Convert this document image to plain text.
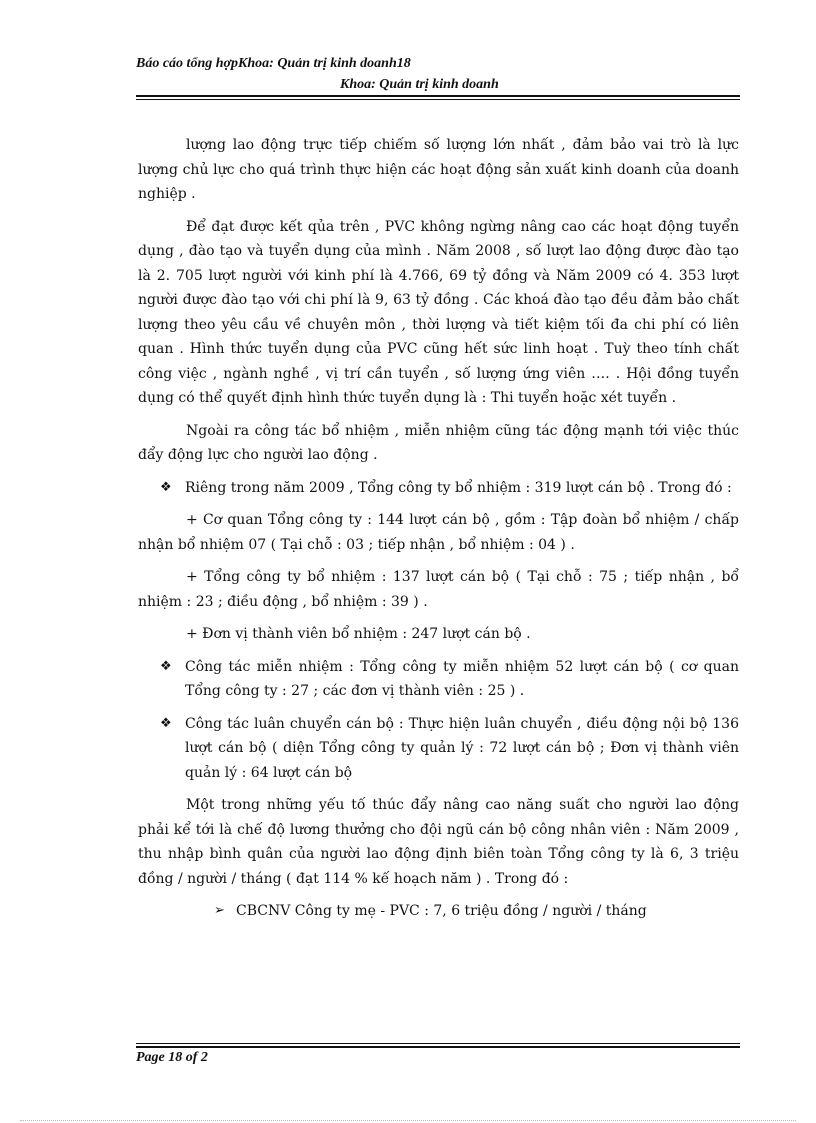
Báo cáo tổng hợpKhoa: Quản trị kinh doanh18
Khoa: Quản trị kinh doanh

lượng lao động trực tiếp chiếm số lượng lớn nhất , đảm bảo vai trò là lực lượng chủ lực cho quá trình thực hiện các hoạt động sản xuất kinh doanh của doanh nghiệp .

Để đạt được kết qủa trên , PVC không ngừng nâng cao các hoạt động tuyển dụng , đào tạo và tuyển dụng của mình . Năm 2008 , số lượt lao động được đào tạo là 2. 705 lượt người với kinh phí là 4.766, 69 tỷ đồng và Năm 2009 có 4. 353 lượt người được đào tạo với chi phí là 9, 63 tỷ đồng . Các khoá đào tạo đều đảm bảo chất lượng theo yêu cầu về chuyên môn , thời lượng và tiết kiệm tối đa chi phí có liên quan . Hình thức tuyển dụng của PVC cũng hết sức linh hoạt . Tuỳ theo tính chất công việc , ngành nghề , vị trí cần tuyển , số lượng ứng viên …. . Hội đồng tuyển dụng có thể quyết định hình thức tuyển dụng là : Thi tuyển hoặc xét tuyển .

Ngoài ra công tác bổ nhiệm , miễn nhiệm cũng tác động mạnh tới việc thúc đẩy động lực cho người lao động .

❖ Riêng trong năm 2009 , Tổng công ty bổ nhiệm : 319 lượt cán bộ . Trong đó :

+ Cơ quan Tổng công ty : 144 lượt cán bộ , gồm : Tập đoàn bổ nhiệm / chấp nhận bổ nhiệm 07 ( Tại chỗ : 03 ; tiếp nhận , bổ nhiệm : 04 ) .

+ Tổng công ty bổ nhiệm : 137 lượt cán bộ ( Tại chỗ : 75 ; tiếp nhận , bổ nhiệm : 23 ; điều động , bổ nhiệm : 39 ) .

+ Đơn vị thành viên bổ nhiệm : 247 lượt cán bộ .

❖ Công tác miễn nhiệm : Tổng công ty miễn nhiệm 52 lượt cán bộ ( cơ quan Tổng công ty : 27 ; các đơn vị thành viên : 25 ) .
❖ Công tác luân chuyển cán bộ : Thực hiện luân chuyển , điều động nội bộ 136 lượt cán bộ ( diện Tổng công ty quản lý : 72 lượt cán bộ ; Đơn vị thành viên quản lý : 64 lượt cán bộ

Một trong những yếu tố thúc đẩy nâng cao năng suất cho người lao động phải kể tới là chế độ lương thưởng cho đội ngũ cán bộ công nhân viên : Năm 2009 , thu nhập bình quân của người lao động định biên toàn Tổng công ty là 6, 3 triệu đồng / người / tháng ( đạt 114 % kế hoạch năm ) . Trong đó :

➢ CBCNV Công ty mẹ - PVC : 7, 6 triệu đồng / người / tháng
Page 18 of 2
